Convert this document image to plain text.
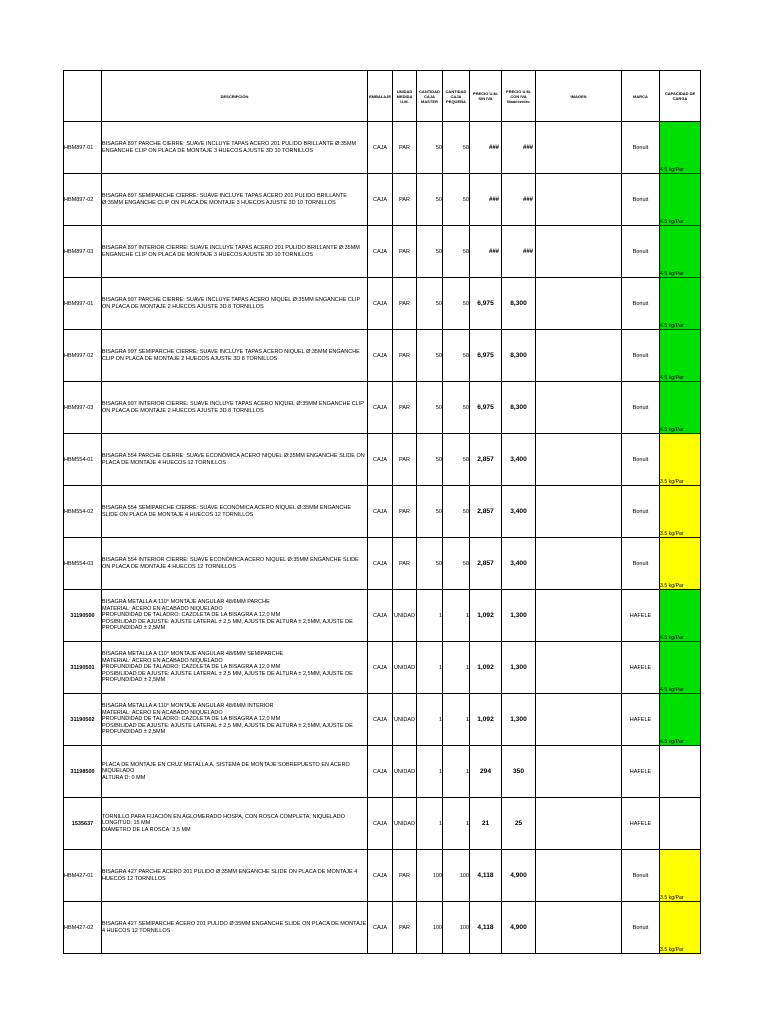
	DESCRIPCIÓN	EMBALAJE	UNIDAD MEDIDA U.M.	CANTIDAD CAJA MASTER	CANTIDAD CAJA PEQUEÑA	PRECIO U.M. SIN IVA	PRECIO U.M. CON IVA Madecentro	IMAGEN	MARCA	CAPACIDAD DE CARGA
HBM897-01	BISAGRA 897 PARCHE CIERRE: SUAVE INCLUYE TAPAS ACERO 201 PULIDO BRILLANTE Ø:35MM ENGANCHE CLIP ON PLACA DE MONTAJE 3 HUECOS AJUSTE 3D 10 TORNILLOS	CAJA	PAR	50	50	###	###		Bonuit	4.5 kg/Par
HBM897-02	BISAGRA 897 SEMIPARCHE CIERRE: SUAVE INCLUYE TAPAS ACERO 201 PULIDO BRILLANTE Ø:35MM ENGANCHE CLIP ON PLACA DE MONTAJE 3 HUECOS AJUSTE 3D 10 TORNILLOS	CAJA	PAR	50	50	###	###		Bonuit	4.5 kg/Par
HBM897-03	BISAGRA 897 INTERIOR CIERRE: SUAVE INCLUYE TAPAS ACERO 201 PULIDO BRILLANTE Ø:35MM ENGANCHE CLIP ON PLACA DE MONTAJE 3 HUECOS AJUSTE 3D 10 TORNILLOS	CAJA	PAR	50	50	###	###		Bonuit	4.5 kg/Par
HBM997-01	BISAGRA 997 PARCHE CIERRE: SUAVE INCLUYE TAPAS ACERO NIQUEL Ø:35MM ENGANCHE CLIP ON PLACA DE MONTAJE 2 HUECOS AJUSTE 3D 8 TORNILLOS	CAJA	PAR	50	50	6,975	8,300		Bonuit	4.5 kg/Par
HBM997-02	BISAGRA 997 SEMIPARCHE CIERRE: SUAVE INCLUYE TAPAS ACERO NIQUEL Ø:35MM ENGANCHE CLIP ON PLACA DE MONTAJE 2 HUECOS AJUSTE 3D 8 TORNILLOS	CAJA	PAR	50	50	6,975	8,300		Bonuit	4.5 kg/Par
HBM997-03	BISAGRA 997 INTERIOR CIERRE: SUAVE INCLUYE TAPAS ACERO NIQUEL Ø:35MM ENGANCHE CLIP ON PLACA DE MONTAJE 2 HUECOS AJUSTE 3D 8 TORNILLOS	CAJA	PAR	50	50	6,975	8,300		Bonuit	4.5 kg/Par
HBM554-01	BISAGRA 554 PARCHE CIERRE: SUAVE ECONÓMICA ACERO NIQUEL Ø:35MM ENGANCHE SLIDE ON PLACA DE MONTAJE 4 HUECOS 12 TORNILLOS	CAJA	PAR	50	50	2,857	3,400		Bonuit	3.5 kg/Par
HBM554-02	BISAGRA 554 SEMIPARCHE CIERRE: SUAVE ECONÓMICA ACERO NIQUEL Ø:35MM ENGANCHE SLIDE ON PLACA DE MONTAJE 4 HUECOS 12 TORNILLOS	CAJA	PAR	50	50	2,857	3,400		Bonuit	3.5 kg/Par
HBM554-03	BISAGRA 554 INTERIOR CIERRE: SUAVE ECONÓMICA ACERO NIQUEL Ø:35MM ENGANCHE SLIDE ON PLACA DE MONTAJE 4 HUECOS 12 TORNILLOS	CAJA	PAR	50	50	2,857	3,400		Bonuit	3.5 kg/Par
31190500	BISAGRA METALLA A 110° MONTAJE ANGULAR 48/6MM PARCHE
MATERIAL: ACERO EN ACABADO NIQUELADO
PROFUNDIDAD DE TALADRO: CAZOLETA DE LA BISAGRA A 12,0 MM
POSIBILIDAD DE AJUSTE: AJUSTE LATERAL ± 2,5 MM, AJUSTE DE ALTURA ± 2,5MM, AJUSTE DE PROFUNDIDAD ± 2,5MM	CAJA	UNIDAD	1	1	1,092	1,300		HAFELE	4.5 kg/Par
31190501	BISAGRA METALLA A 110° MONTAJE ANGULAR 48/6MM SEMIPARCHE
MATERIAL: ACERO EN ACABADO NIQUELADO
PROFUNDIDAD DE TALADRO: CAZOLETA DE LA BISAGRA A 12,0 MM
POSIBILIDAD DE AJUSTE: AJUSTE LATERAL ± 2,5 MM, AJUSTE DE ALTURA ± 2,5MM, AJUSTE DE PROFUNDIDAD ± 2,5MM	CAJA	UNIDAD	1	1	1,092	1,300		HAFELE	4.5 kg/Par
31190502	BISAGRA METALLA A 110° MONTAJE ANGULAR 48/6MM INTERIOR
MATERIAL: ACERO EN ACABADO NIQUELADO
PROFUNDIDAD DE TALADRO: CAZOLETA DE LA BISAGRA A 12,0 MM
POSIBILIDAD DE AJUSTE: AJUSTE LATERAL ± 2,5 MM, AJUSTE DE ALTURA ± 2,5MM, AJUSTE DE PROFUNDIDAD ± 2,5MM	CAJA	UNIDAD	1	1	1,092	1,300		HAFELE	4.5 kg/Par
31198500	PLACA DE MONTAJE EN CRUZ METALLA A, SISTEMA DE MONTAJE SOBREPUESTO EN ACERO NIQUELADO
ALTURA D: 0 MM	CAJA	UNIDAD	1	1	294	350		HAFELE	
1535637	TORNILLO PARA FIJACIÓN EN AGLOMERADO HOSPA, CON ROSCA COMPLETA, NIQUELADO
LONGITUD: 15 MM
DIÁMETRO DE LA ROSCA: 3,5 MM	CAJA	UNIDAD	1	1	21	25		HAFELE	
HBM427-01	BISAGRA 427 PARCHE ACERO 201 PULIDO Ø:35MM ENGANCHE SLIDE ON PLACA DE MONTAJE 4 HUECOS 12 TORNILLOS	CAJA	PAR	100	100	4,118	4,900		Bonuit	3.5 kg/Par
HBM427-02	BISAGRA 427 SEMIPARCHE ACERO 201 PULIDO Ø:35MM ENGANCHE SLIDE ON PLACA DE MONTAJE 4 HUECOS 12 TORNILLOS	CAJA	PAR	100	100	4,118	4,900		Bonuit	3.5 kg/Par
